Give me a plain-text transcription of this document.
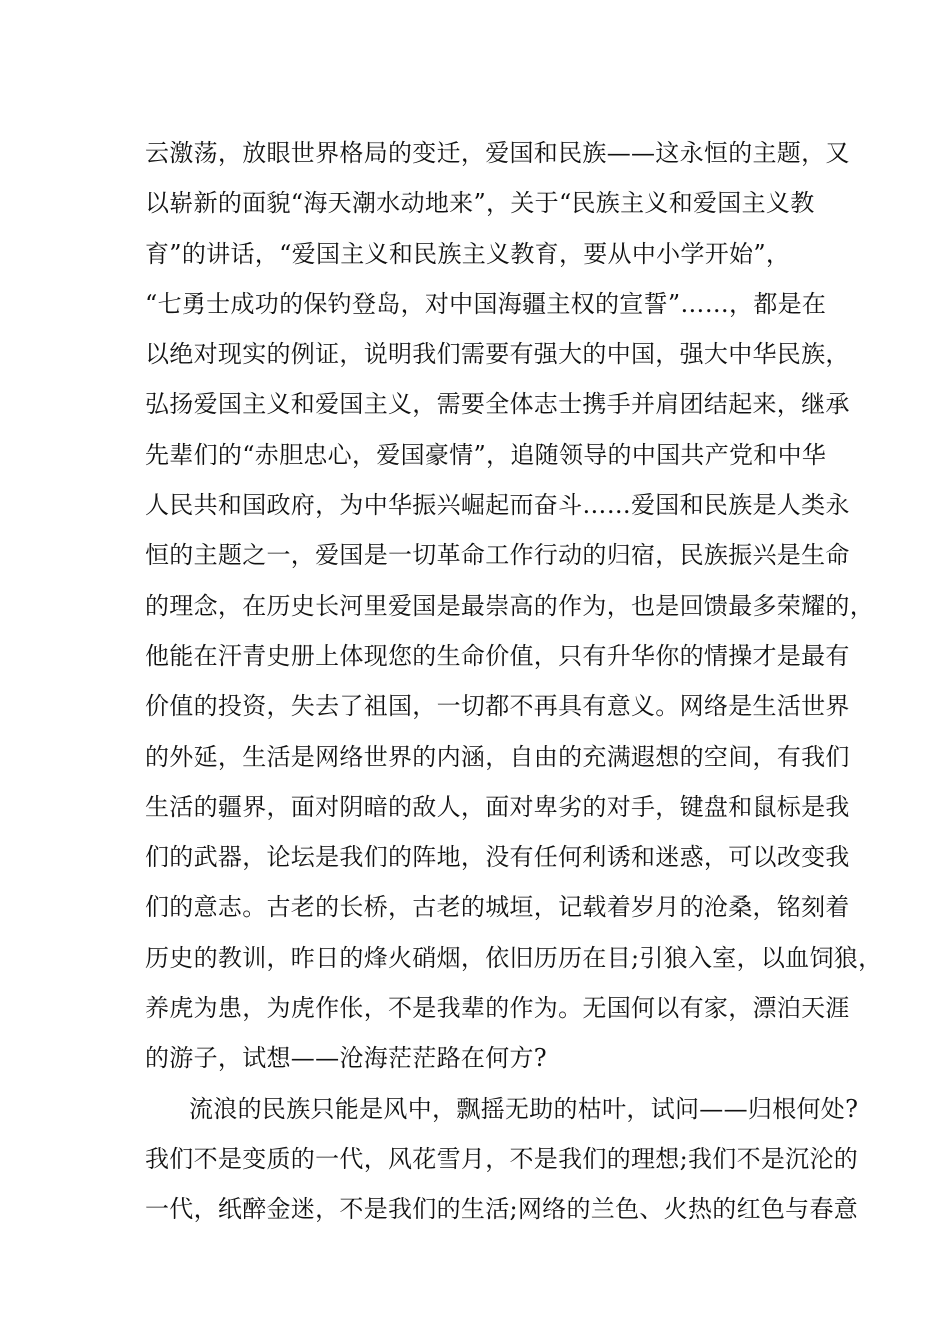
云激荡，放眼世界格局的变迁，爱国和民族——这永恒的主题，又
以崭新的面貌“海天潮水动地来”，关于“民族主义和爱国主义教
育”的讲话，“爱国主义和民族主义教育，要从中小学开始”，
“七勇士成功的保钓登岛，对中国海疆主权的宣誓”……，都是在
以绝对现实的例证，说明我们需要有强大的中国，强大中华民族，
弘扬爱国主义和爱国主义，需要全体志士携手并肩团结起来，继承
先辈们的“赤胆忠心，爱国豪情”，追随领导的中国共产党和中华
人民共和国政府，为中华振兴崛起而奋斗……爱国和民族是人类永
恒的主题之一，爱国是一切革命工作行动的归宿，民族振兴是生命
的理念，在历史长河里爱国是最崇高的作为，也是回馈最多荣耀的，
他能在汗青史册上体现您的生命价值，只有升华你的情操才是最有
价值的投资，失去了祖国，一切都不再具有意义。网络是生活世界
的外延，生活是网络世界的内涵，自由的充满遐想的空间，有我们
生活的疆界，面对阴暗的敌人，面对卑劣的对手，键盘和鼠标是我
们的武器，论坛是我们的阵地，没有任何利诱和迷惑，可以改变我
们的意志。古老的长桥，古老的城垣，记载着岁月的沧桑，铭刻着
历史的教训，昨日的烽火硝烟，依旧历历在目;引狼入室，以血饲狼，
养虎为患，为虎作伥，不是我辈的作为。无国何以有家，漂泊天涯
的游子，试想——沧海茫茫路在何方?
流浪的民族只能是风中，飘摇无助的枯叶，试问——归根何处?
我们不是变质的一代，风花雪月，不是我们的理想;我们不是沉沦的
一代，纸醉金迷，不是我们的生活;网络的兰色、火热的红色与春意
